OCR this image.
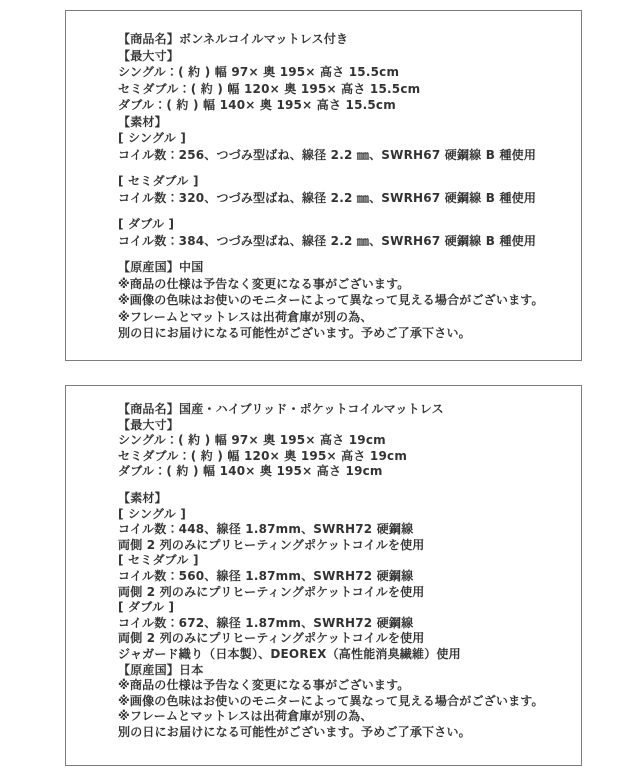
【商品名】ボンネルコイルマットレス付き
【最大寸】
シングル：( 約 ) 幅 97× 奥 195× 高さ 15.5cm
セミダブル：( 約 ) 幅 120× 奥 195× 高さ 15.5cm
ダブル：( 約 ) 幅 140× 奥 195× 高さ 15.5cm
【素材】
[ シングル ]
コイル数：256、つづみ型ばね、線径 2.2 ㎜、SWRH67 硬鋼線 B 種使用

[ セミダブル ]
コイル数：320、つづみ型ばね、線径 2.2 ㎜、SWRH67 硬鋼線 B 種使用

[ ダブル ]
コイル数：384、つづみ型ばね、線径 2.2 ㎜、SWRH67 硬鋼線 B 種使用

【原産国】中国
※商品の仕様は予告なく変更になる事がございます。
※画像の色味はお使いのモニターによって異なって見える場合がございます。
※フレームとマットレスは出荷倉庫が別の為、
別の日にお届けになる可能性がございます。予めご了承下さい。
【商品名】国産・ハイブリッド・ポケットコイルマットレス
【最大寸】
シングル：( 約 ) 幅 97× 奥 195× 高さ 19cm
セミダブル：( 約 ) 幅 120× 奥 195× 高さ 19cm
ダブル：( 約 ) 幅 140× 奥 195× 高さ 19cm

【素材】
[ シングル ]
コイル数：448、線径 1.87mm、SWRH72 硬鋼線
両側 2 列のみにプリヒーティングポケットコイルを使用
[ セミダブル ]
コイル数：560、線径 1.87mm、SWRH72 硬鋼線
両側 2 列のみにプリヒーティングポケットコイルを使用
[ ダブル ]
コイル数：672、線径 1.87mm、SWRH72 硬鋼線
両側 2 列のみにプリヒーティングポケットコイルを使用
ジャガード織り（日本製）、DEOREX（高性能消臭繊維）使用
【原産国】日本
※商品の仕様は予告なく変更になる事がございます。
※画像の色味はお使いのモニターによって異なって見える場合がございます。
※フレームとマットレスは出荷倉庫が別の為、
別の日にお届けになる可能性がございます。予めご了承下さい。
